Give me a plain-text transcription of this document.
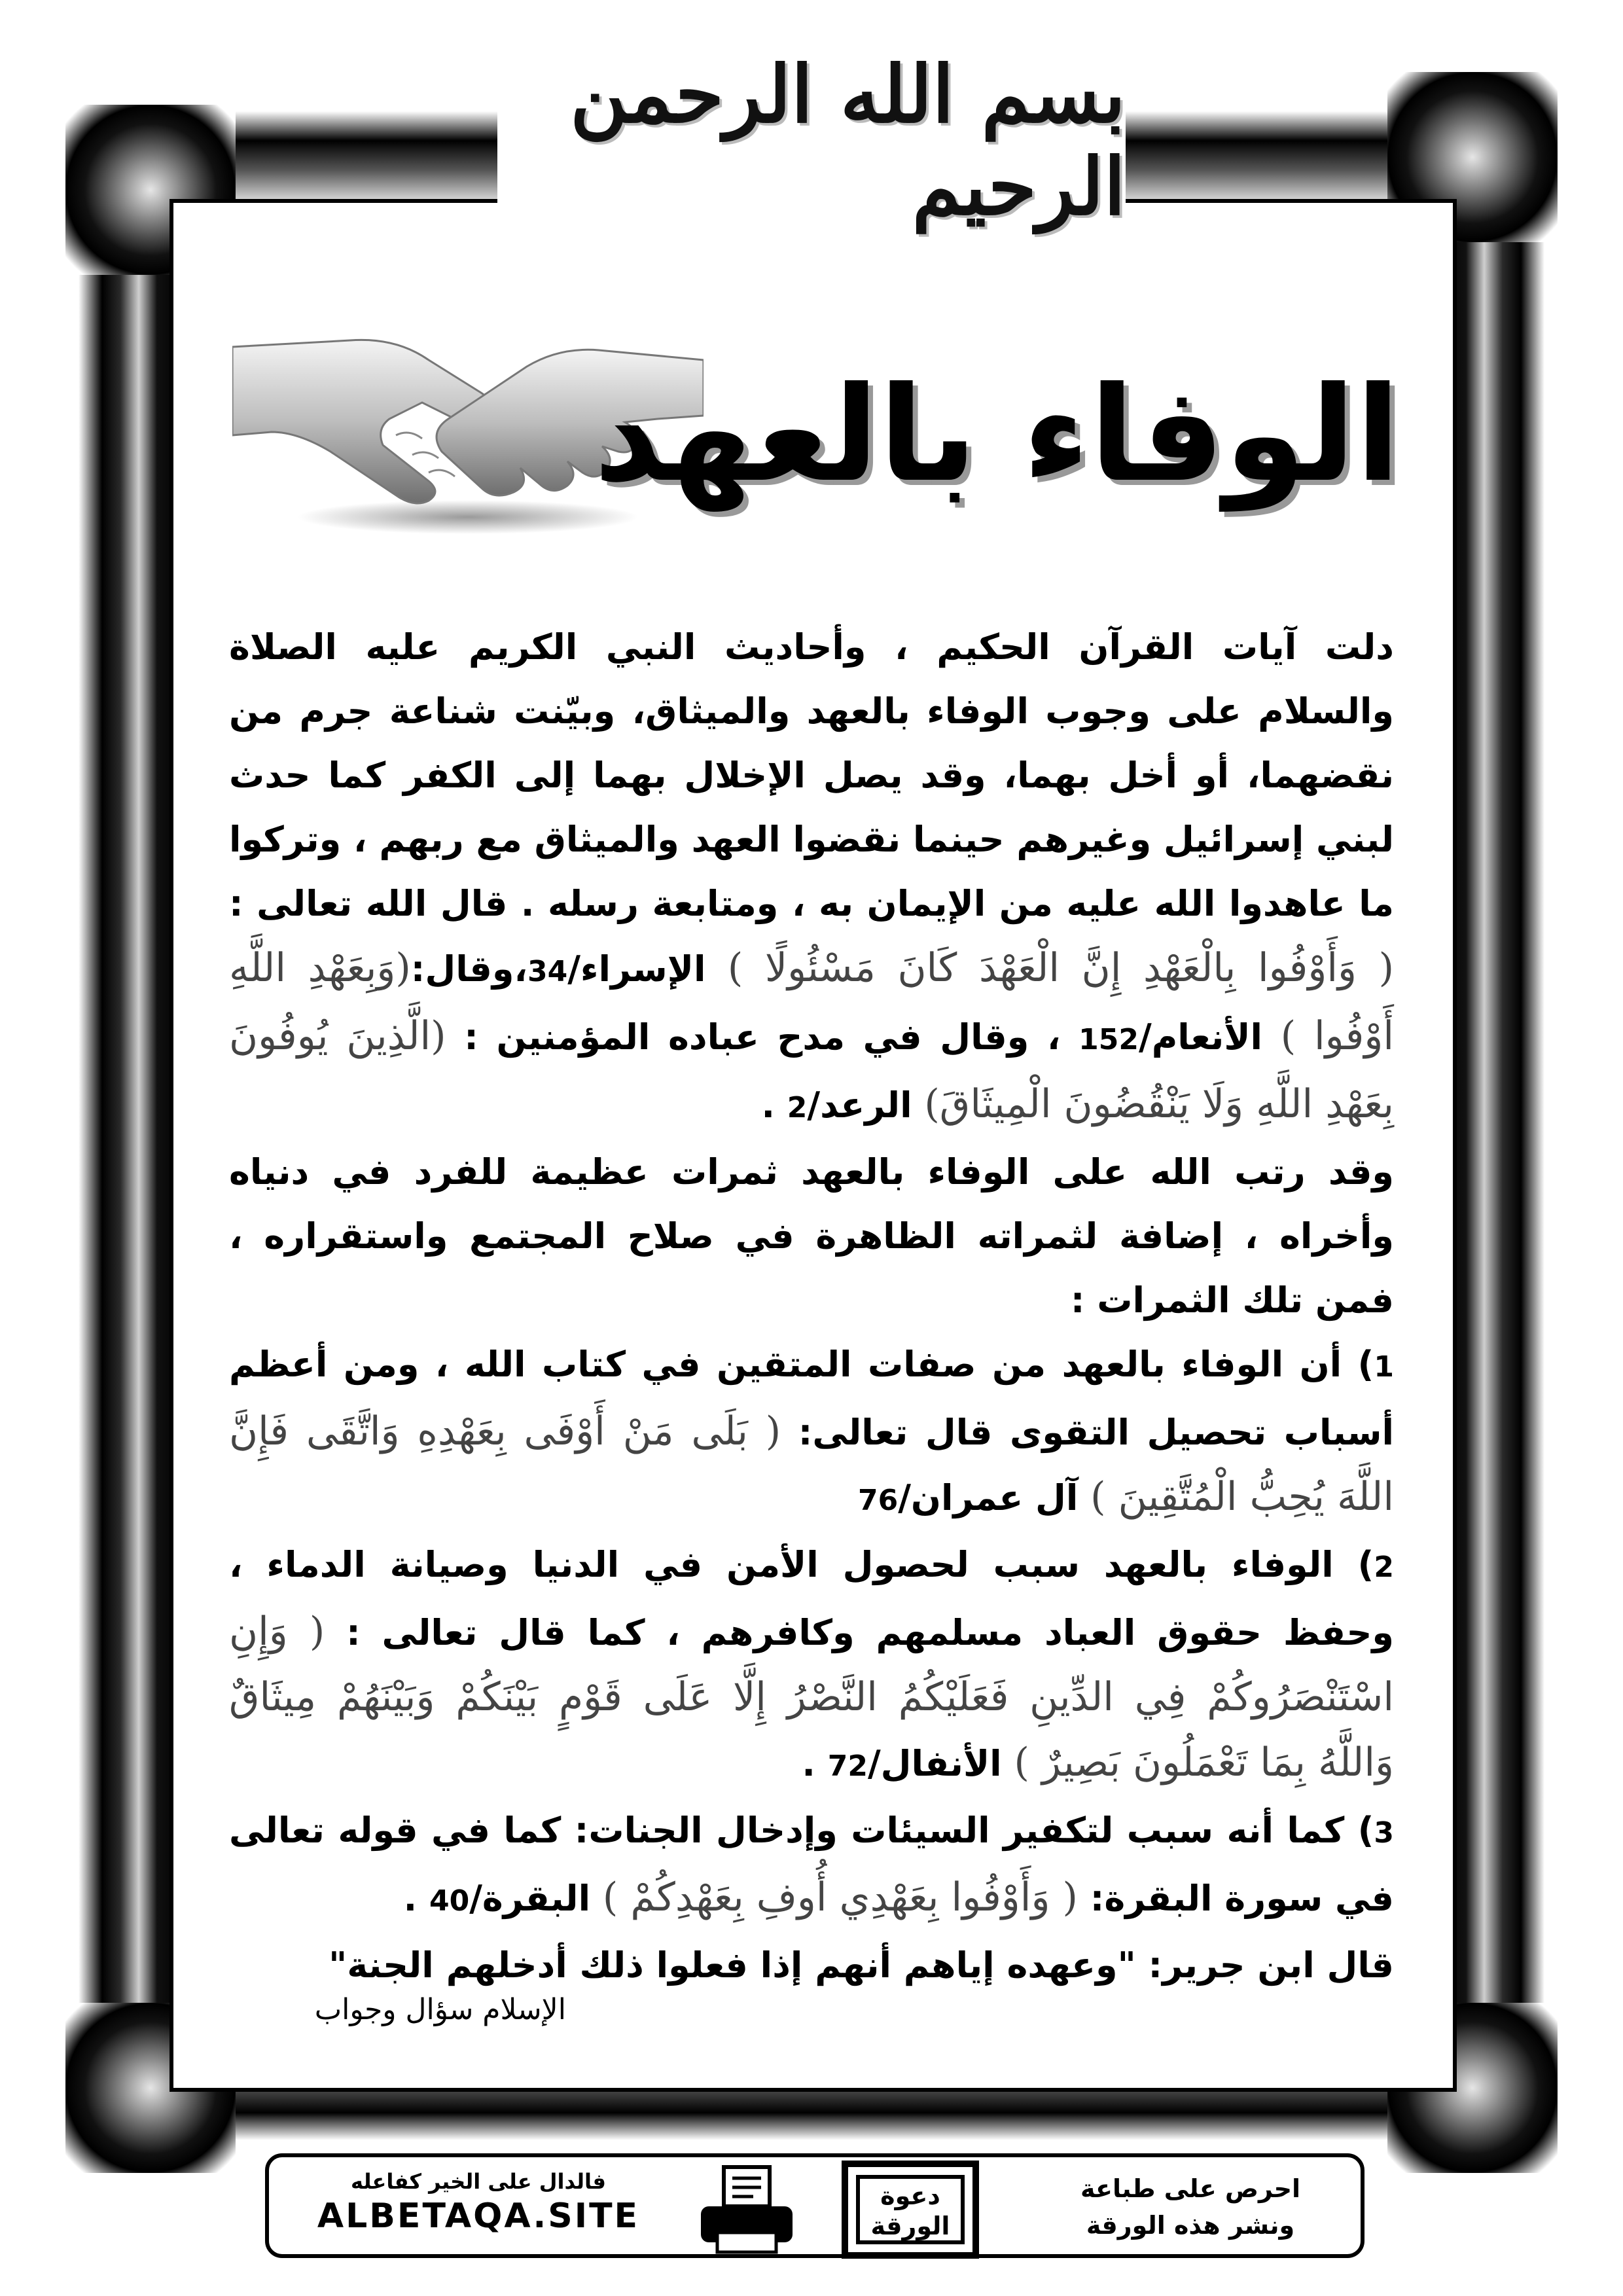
بسم الله الرحمن الرحيم
الوفاء بالعهد

دلت آيات القرآن الحكيم ، وأحاديث النبي الكريم عليه الصلاة والسلام على وجوب الوفاء بالعهد والميثاق، وبيّنت شناعة جرم من نقضهما، أو أخل بهما، وقد يصل الإخلال بهما إلى الكفر كما حدث لبني إسرائيل وغيرهم حينما نقضوا العهد والميثاق مع ربهم ، وتركوا ما عاهدوا الله عليه من الإيمان به ، ومتابعة رسله . قال الله تعالى : ( وَأَوْفُوا بِالْعَهْدِ إِنَّ الْعَهْدَ كَانَ مَسْئُولًا ) الإسراء/34،وقال:(وَبِعَهْدِ اللَّهِ أَوْفُوا ) الأنعام/152 ، وقال في مدح عباده المؤمنين : (الَّذِينَ يُوفُونَ بِعَهْدِ اللَّهِ وَلَا يَنْقُضُونَ الْمِيثَاقَ) الرعد/2 .

وقد رتب الله على الوفاء بالعهد ثمرات عظيمة للفرد في دنياه وأخراه ، إضافة لثمراته الظاهرة في صلاح المجتمع واستقراره ، فمن تلك الثمرات :

1) أن الوفاء بالعهد من صفات المتقين في كتاب الله ، ومن أعظم أسباب تحصيل التقوى قال تعالى: ( بَلَى مَنْ أَوْفَى بِعَهْدِهِ وَاتَّقَى فَإِنَّ اللَّهَ يُحِبُّ الْمُتَّقِينَ ) آل عمران/76

2) الوفاء بالعهد سبب لحصول الأمن في الدنيا وصيانة الدماء ، وحفظ حقوق العباد مسلمهم وكافرهم ، كما قال تعالى : ( وَإِنِ اسْتَنْصَرُوكُمْ فِي الدِّينِ فَعَلَيْكُمُ النَّصْرُ إِلَّا عَلَى قَوْمٍ بَيْنَكُمْ وَبَيْنَهُمْ مِيثَاقٌ وَاللَّهُ بِمَا تَعْمَلُونَ بَصِيرٌ ) الأنفال/72 .

3) كما أنه سبب لتكفير السيئات وإدخال الجنات: كما في قوله تعالى في سورة البقرة: ( وَأَوْفُوا بِعَهْدِي أُوفِ بِعَهْدِكُمْ ) البقرة/40 .

قال ابن جرير: "وعهده إياهم أنهم إذا فعلوا ذلك أدخلهم الجنة"

الإسلام سؤال وجواب
احرص على طباعة
ونشر هذه الورقة
دعوة
الورقة
فالدال على الخير كفاعله
ALBETAQA.SITE
